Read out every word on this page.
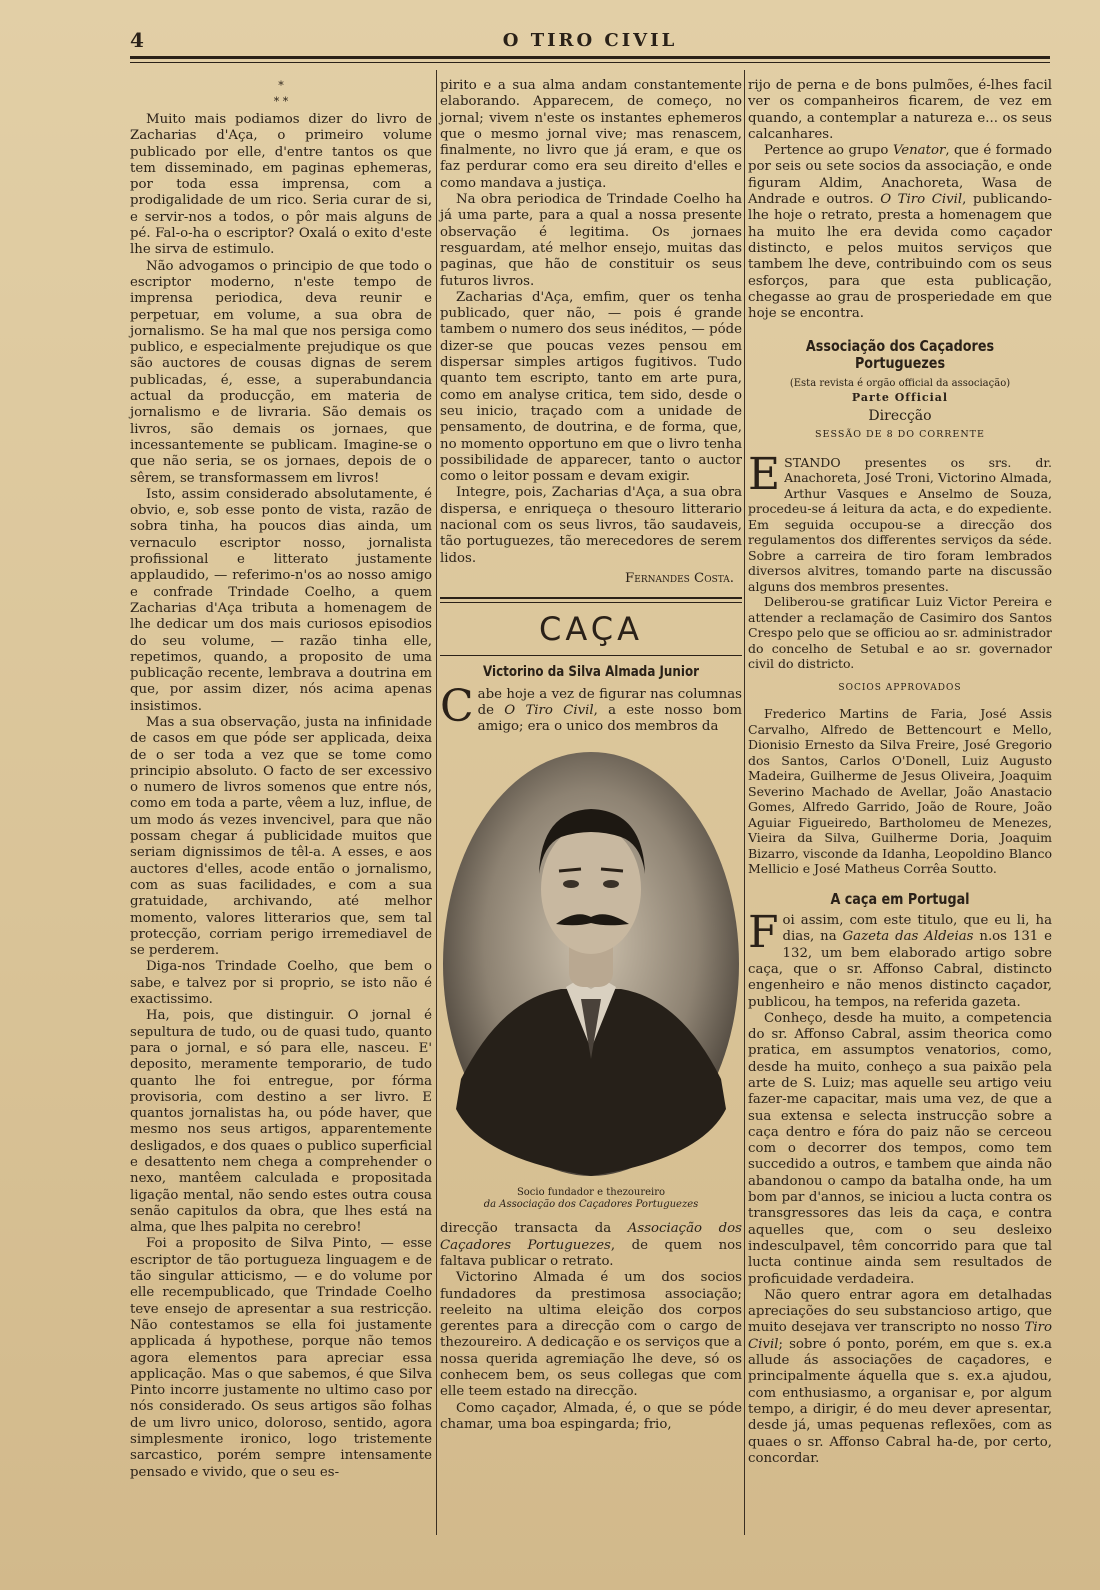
4	O TIRO CIVIL
*
* *

Muito mais podiamos dizer do livro de Zacharias d'Aça, o primeiro volume publicado por elle, d'entre tantos os que tem disseminado, em paginas ephemeras, por toda essa imprensa, com a prodigalidade de um rico. Seria curar de si, e servir-nos a todos, o pôr mais alguns de pé. Fal-o-ha o escriptor? Oxalá o exito d'este lhe sirva de estimulo.

Não advogamos o principio de que todo o escriptor moderno, n'este tempo de imprensa periodica, deva reunir e perpetuar, em volume, a sua obra de jornalismo. Se ha mal que nos persiga como publico, e especialmente prejudique os que são auctores de cousas dignas de serem publicadas, é, esse, a superabundancia actual da producção, em materia de jornalismo e de livraria. São demais os livros, são demais os jornaes, que incessantemente se publicam. Imagine-se o que não seria, se os jornaes, depois de o sêrem, se transformassem em livros!

Isto, assim considerado absolutamente, é obvio, e, sob esse ponto de vista, razão de sobra tinha, ha poucos dias ainda, um vernaculo escriptor nosso, jornalista profissional e litterato justamente applaudido, — referimo-n'os ao nosso amigo e confrade Trindade Coelho, a quem Zacharias d'Aça tributa a homenagem de lhe dedicar um dos mais curiosos episodios do seu volume, — razão tinha elle, repetimos, quando, a proposito de uma publicação recente, lembrava a doutrina em que, por assim dizer, nós acima apenas insistimos.

Mas a sua observação, justa na infinidade de casos em que póde ser applicada, deixa de o ser toda a vez que se tome como principio absoluto. O facto de ser excessivo o numero de livros somenos que entre nós, como em toda a parte, vêem a luz, influe, de um modo ás vezes invencivel, para que não possam chegar á publicidade muitos que seriam dignissimos de têl-a. A esses, e aos auctores d'elles, acode então o jornalismo, com as suas facilidades, e com a sua gratuidade, archivando, até melhor momento, valores litterarios que, sem tal protecção, corriam perigo irremediavel de se perderem.

Diga-nos Trindade Coelho, que bem o sabe, e talvez por si proprio, se isto não é exactissimo.

Ha, pois, que distinguir. O jornal é sepultura de tudo, ou de quasi tudo, quanto para o jornal, e só para elle, nasceu. E' deposito, meramente temporario, de tudo quanto lhe foi entregue, por fórma provisoria, com destino a ser livro. E quantos jornalistas ha, ou póde haver, que mesmo nos seus artigos, apparentemente desligados, e dos quaes o publico superficial e desattento nem chega a comprehender o nexo, mantêem calculada e propositada ligação mental, não sendo estes outra cousa senão capitulos da obra, que lhes está na alma, que lhes palpita no cerebro!

Foi a proposito de Silva Pinto, — esse escriptor de tão portugueza linguagem e de tão singular atticismo, — e do volume por elle recempublicado, que Trindade Coelho teve ensejo de apresentar a sua restricção. Não contestamos se ella foi justamente applicada á hypothese, porque não temos agora elementos para apreciar essa applicação. Mas o que sabemos, é que Silva Pinto incorre justamente no ultimo caso por nós considerado. Os seus artigos são folhas de um livro unico, doloroso, sentido, agora simplesmente ironico, logo tristemente sarcastico, porém sempre intensamente pensado e vivido, que o seu es-

pirito e a sua alma andam constantemente elaborando. Apparecem, de começo, no jornal; vivem n'este os instantes ephemeros que o mesmo jornal vive; mas renascem, finalmente, no livro que já eram, e que os faz perdurar como era seu direito d'elles e como mandava a justiça.

Na obra periodica de Trindade Coelho ha já uma parte, para a qual a nossa presente observação é legitima. Os jornaes resguardam, até melhor ensejo, muitas das paginas, que hão de constituir os seus futuros livros.

Zacharias d'Aça, emfim, quer os tenha publicado, quer não, — pois é grande tambem o numero dos seus inéditos, — póde dizer-se que poucas vezes pensou em dispersar simples artigos fugitivos. Tudo quanto tem escripto, tanto em arte pura, como em analyse critica, tem sido, desde o seu inicio, traçado com a unidade de pensamento, de doutrina, e de forma, que, no momento opportuno em que o livro tenha possibilidade de apparecer, tanto o auctor como o leitor possam e devam exigir.

Integre, pois, Zacharias d'Aça, a sua obra dispersa, e enriqueça o thesouro litterario nacional com os seus livros, tão saudaveis, tão portuguezes, tão merecedores de serem lidos.

Fernandes Costa.
CAÇA
Victorino da Silva Almada Junior

Cabe hoje a vez de figurar nas columnas de O Tiro Civil, a este nosso bom amigo; era o unico dos membros da

Socio fundador e thezoureiro
da Associação dos Caçadores Portuguezes

direcção transacta da Associação dos Caçadores Portuguezes, de quem nos faltava publicar o retrato.

Victorino Almada é um dos socios fundadores da prestimosa associação; reeleito na ultima eleição dos corpos gerentes para a direcção com o cargo de thezoureiro. A dedicação e os serviços que a nossa querida agremiação lhe deve, só os conhecem bem, os seus collegas que com elle teem estado na direcção.

Como caçador, Almada, é, o que se póde chamar, uma boa espingarda; frio,

rijo de perna e de bons pulmões, é-lhes facil ver os companheiros ficarem, de vez em quando, a contemplar a natureza e... os seus calcanhares.

Pertence ao grupo Venator, que é formado por seis ou sete socios da associação, e onde figuram Aldim, Anachoreta, Wasa de Andrade e outros. O Tiro Civil, publicando-lhe hoje o retrato, presta a homenagem que ha muito lhe era devida como caçador distincto, e pelos muitos serviços que tambem lhe deve, contribuindo com os seus esforços, para que esta publicação, chegasse ao grau de prosperiedade em que hoje se encontra.

Associação dos Caçadores Portuguezes
(Esta revista é orgão official da associação)
Parte Official
Direcção
SESSÃO DE 8 DO CORRENTE

ESTANDO presentes os srs. dr. Anachoreta, José Troni, Victorino Almada, Arthur Vasques e Anselmo de Souza, procedeu-se á leitura da acta, e do expediente. Em seguida occupou-se a direcção dos regulamentos dos differentes serviços da séde. Sobre a carreira de tiro foram lembrados diversos alvitres, tomando parte na discussão alguns dos membros presentes.

Deliberou-se gratificar Luiz Victor Pereira e attender a reclamação de Casimiro dos Santos Crespo pelo que se officiou ao sr. administrador do concelho de Setubal e ao sr. governador civil do districto.

SOCIOS APPROVADOS

Frederico Martins de Faria, José Assis Carvalho, Alfredo de Bettencourt e Mello, Dionisio Ernesto da Silva Freire, José Gregorio dos Santos, Carlos O'Donell, Luiz Augusto Madeira, Guilherme de Jesus Oliveira, Joaquim Severino Machado de Avellar, João Anastacio Gomes, Alfredo Garrido, João de Roure, João Aguiar Figueiredo, Bartholomeu de Menezes, Vieira da Silva, Guilherme Doria, Joaquim Bizarro, visconde da Idanha, Leopoldino Blanco Mellicio e José Matheus Corrêa Soutto.

A caça em Portugal

Foi assim, com este titulo, que eu li, ha dias, na Gazeta das Aldeias n.os 131 e 132, um bem elaborado artigo sobre caça, que o sr. Affonso Cabral, distincto engenheiro e não menos distincto caçador, publicou, ha tempos, na referida gazeta.

Conheço, desde ha muito, a competencia do sr. Affonso Cabral, assim theorica como pratica, em assumptos venatorios, como, desde ha muito, conheço a sua paixão pela arte de S. Luiz; mas aquelle seu artigo veiu fazer-me capacitar, mais uma vez, de que a sua extensa e selecta instrucção sobre a caça dentro e fóra do paiz não se cerceou com o decorrer dos tempos, como tem succedido a outros, e tambem que ainda não abandonou o campo da batalha onde, ha um bom par d'annos, se iniciou a lucta contra os transgressores das leis da caça, e contra aquelles que, com o seu desleixo indesculpavel, têm concorrido para que tal lucta continue ainda sem resultados de proficuidade verdadeira.

Não quero entrar agora em detalhadas apreciações do seu substancioso artigo, que muito desejava ver transcripto no nosso Tiro Civil; sobre ó ponto, porém, em que s. ex.a allude ás associações de caçadores, e principalmente áquella que s. ex.a ajudou, com enthusiasmo, a organisar e, por algum tempo, a dirigir, é do meu dever apresentar, desde já, umas pequenas reflexões, com as quaes o sr. Affonso Cabral ha-de, por certo, concordar.
